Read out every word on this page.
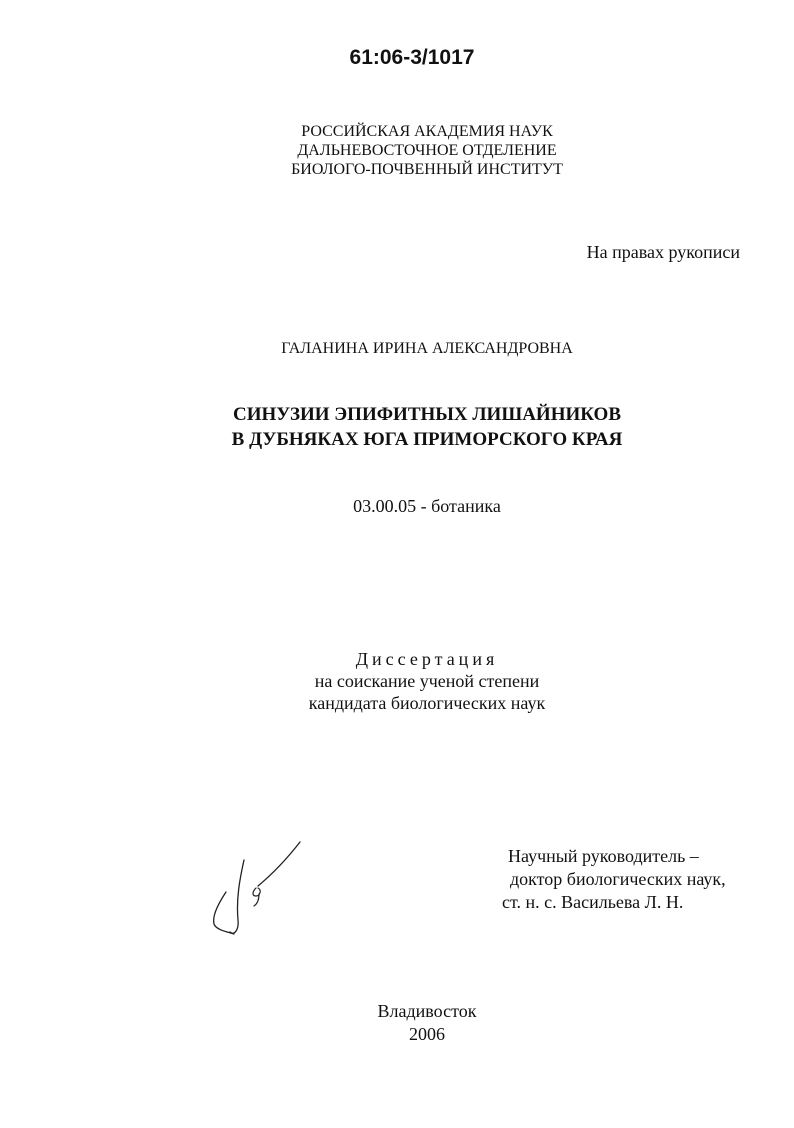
61:06-3/1017
РОССИЙСКАЯ АКАДЕМИЯ НАУК
ДАЛЬНЕВОСТОЧНОЕ ОТДЕЛЕНИЕ
БИОЛОГО-ПОЧВЕННЫЙ ИНСТИТУТ
На правах рукописи
ГАЛАНИНА ИРИНА АЛЕКСАНДРОВНА
СИНУЗИИ ЭПИФИТНЫХ ЛИШАЙНИКОВ
В ДУБНЯКАХ ЮГА ПРИМОРСКОГО КРАЯ
03.00.05 - ботаника
Диссертация
на соискание ученой степени
кандидата биологических наук
Научный руководитель –
доктор биологических наук,
ст. н. с. Васильева Л. Н.
Владивосток
2006
